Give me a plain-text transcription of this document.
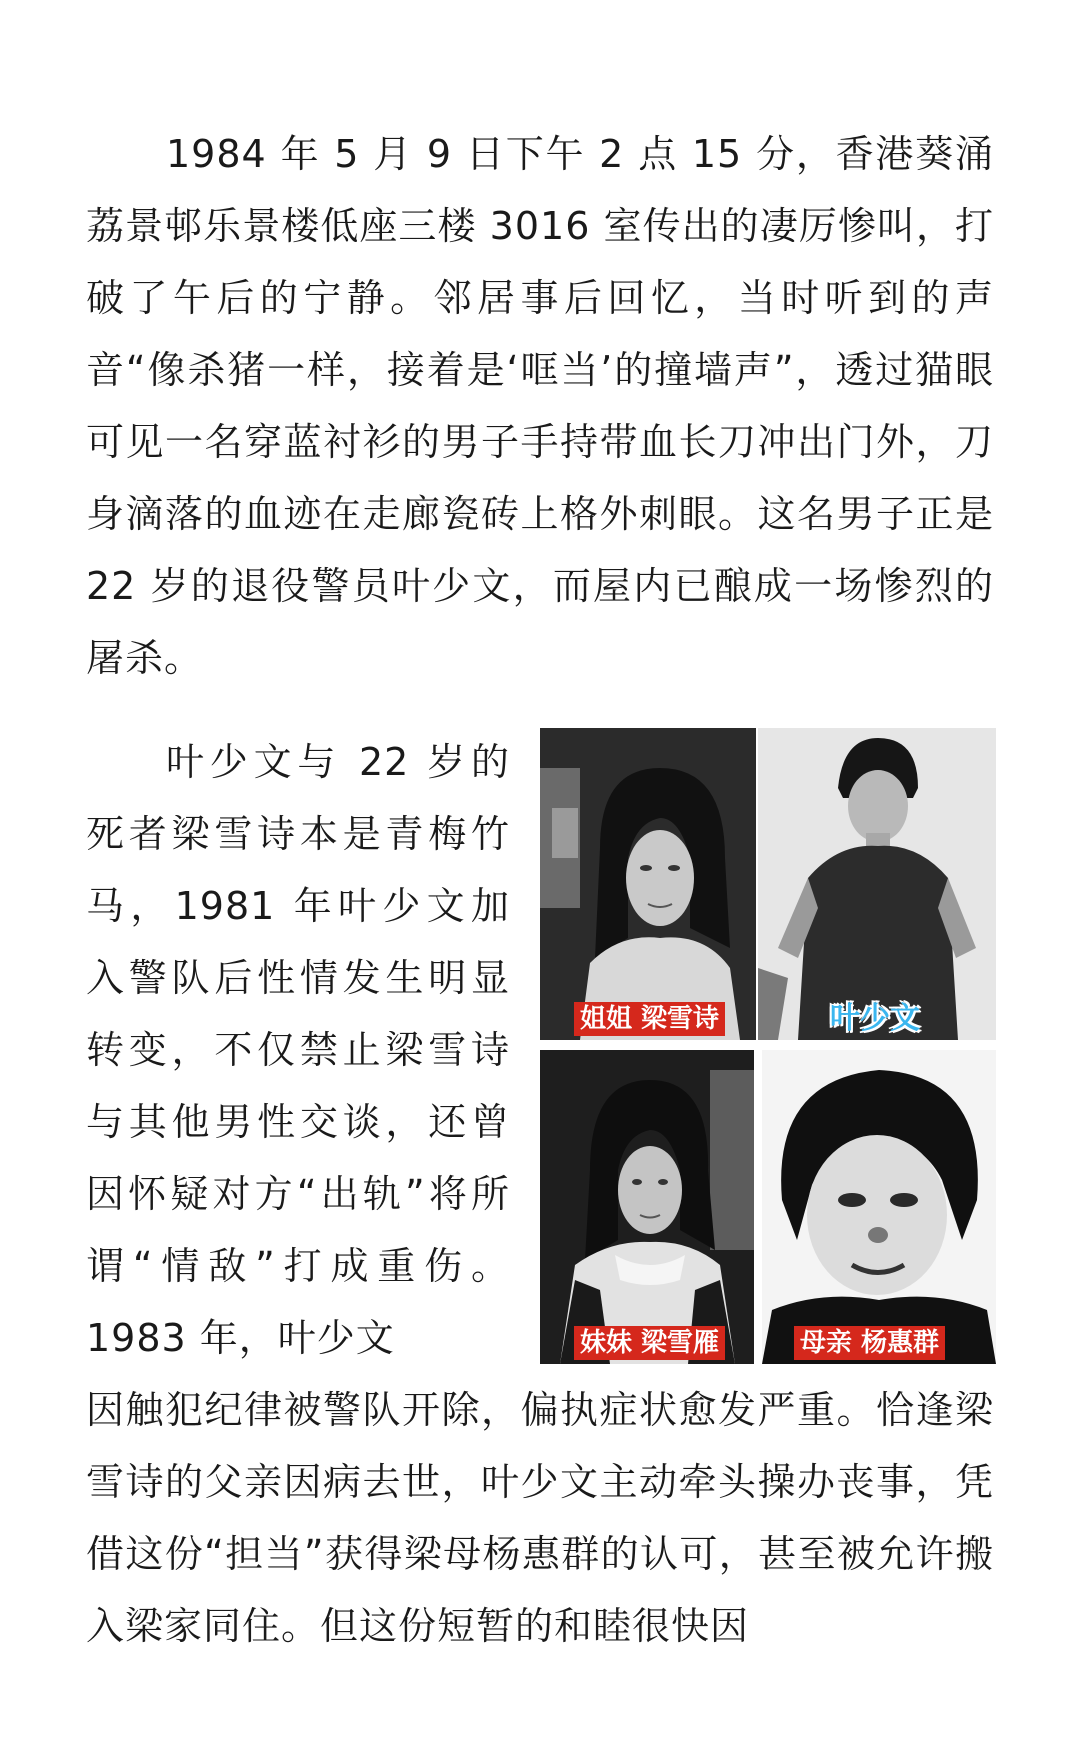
1984 年 5 月 9 日下午 2 点 15 分，香港葵涌荔景邨乐景楼低座三楼 3016 室传出的凄厉惨叫，打破了午后的宁静。邻居事后回忆，当时听到的声音“像杀猪一样，接着是‘哐当’的撞墙声”，透过猫眼可见一名穿蓝衬衫的男子手持带血长刀冲出门外，刀身滴落的血迹在走廊瓷砖上格外刺眼。这名男子正是 22 岁的退役警员叶少文，而屋内已酿成一场惨烈的屠杀。

叶少文与 22 岁的死者梁雪诗本是青梅竹马，1981 年叶少文加入警队后性情发生明显转变，不仅禁止梁雪诗与其他男性交谈，还曾因怀疑对方“出轨”将所谓“情敌”打成重伤。1983 年，叶少文

姐姐 梁雪诗	叶少文
妹妹 梁雪雁	母亲 杨惠群

因触犯纪律被警队开除，偏执症状愈发严重。恰逢梁雪诗的父亲因病去世，叶少文主动牵头操办丧事，凭借这份“担当”获得梁母杨惠群的认可，甚至被允许搬入梁家同住。但这份短暂的和睦很快因
